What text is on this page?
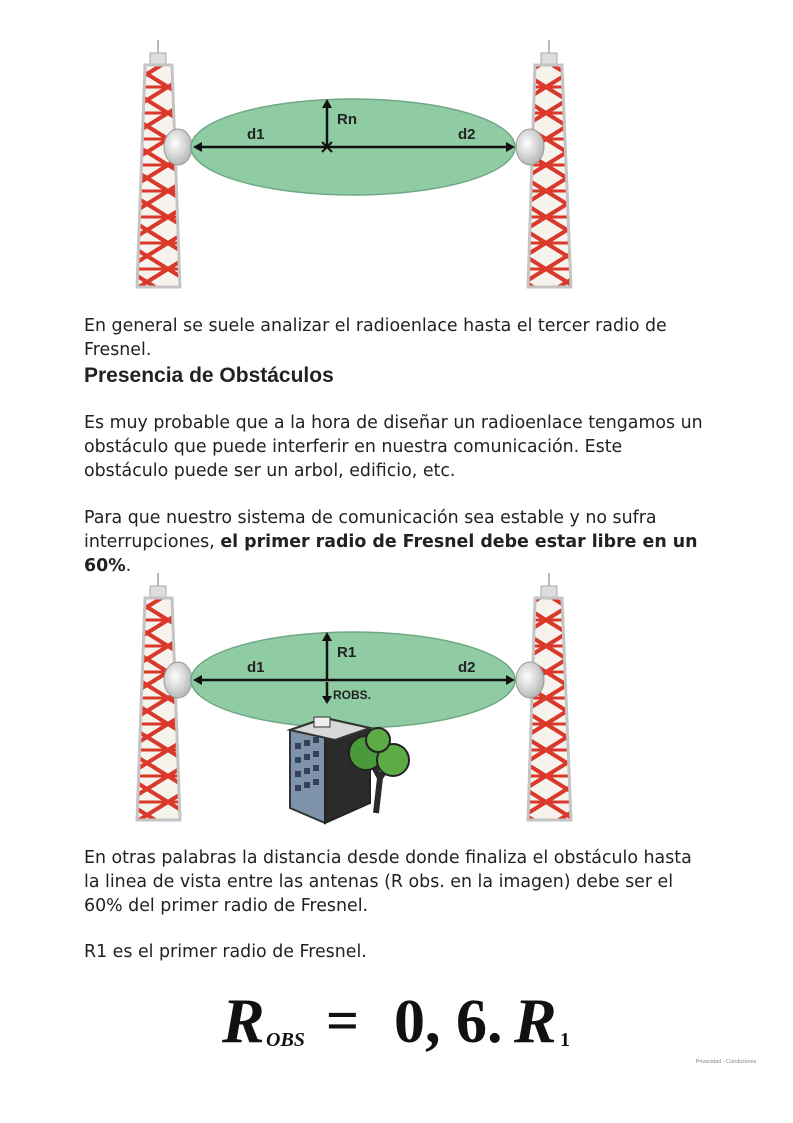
d1	d2
Rn

En general se suele analizar el radioenlace hasta el tercer radio de Fresnel.

Presencia de Obstáculos

Es muy probable que a la hora de diseñar un radioenlace tengamos un obstáculo que puede interferir en nuestra comunicación. Este obstáculo puede ser un arbol, edificio, etc.

Para que nuestro sistema de comunicación sea estable y no sufra interrupciones, el primer radio de Fresnel debe estar libre en un 60%.

d1	d2
R1
ROBS.

En otras palabras la distancia desde donde finaliza el obstáculo hasta la linea de vista entre las antenas (R obs. en la imagen) debe ser el 60% del primer radio de Fresnel.

R1 es el primer radio de Fresnel.

R OBS = 0, 6. R 1
Privacidad - Condiciones
